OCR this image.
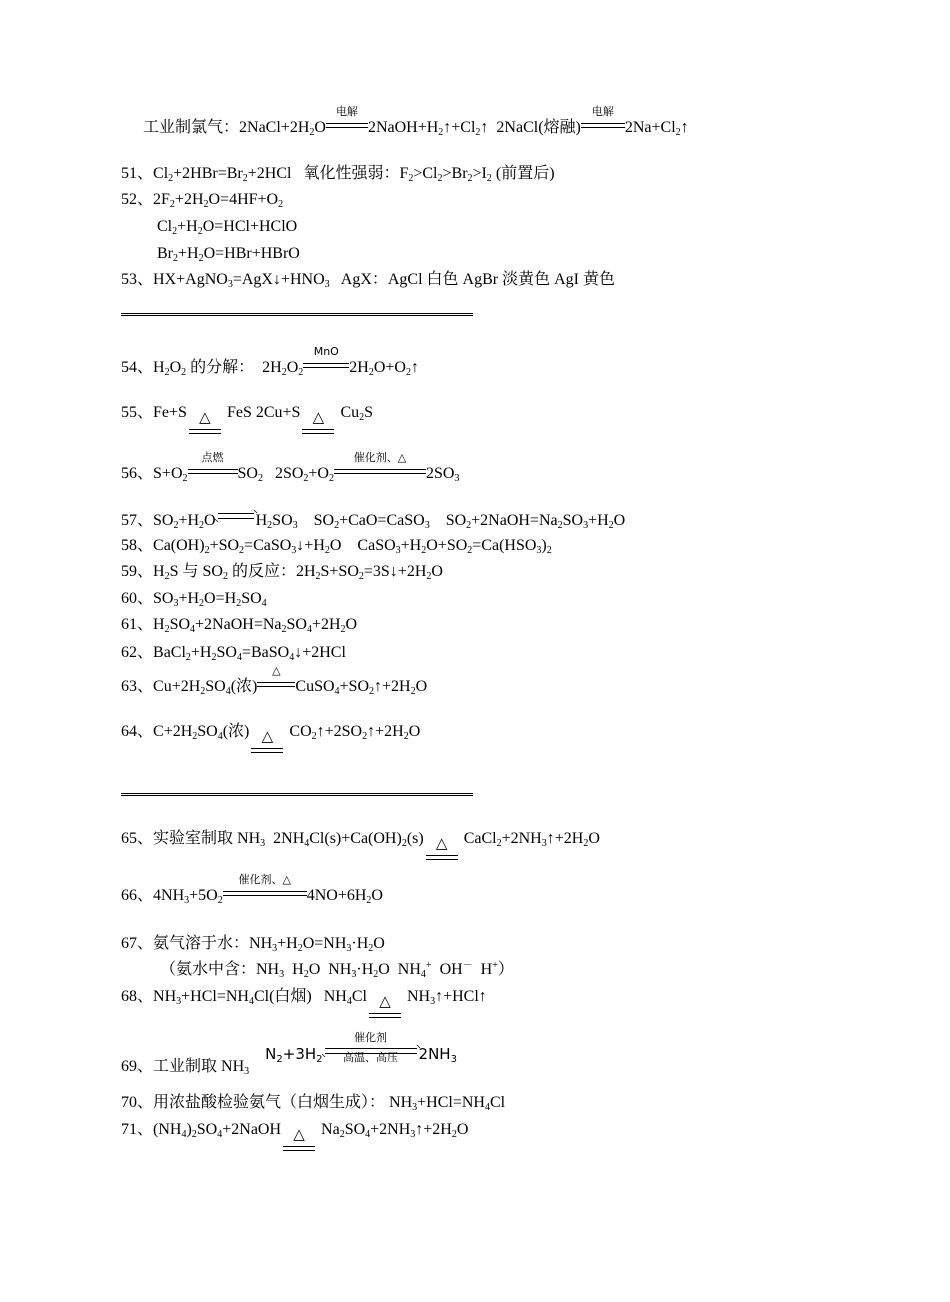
工业制氯气：$2NaCl+2H_2O$
电解
$2NaOH+H_2↑+Cl_2↑$  2NaCl(熔融)
电解
$2Na+Cl_2↑$
51、$Cl_2+2HBr=Br_2+2HCl$   氧化性强弱：$F_2>Cl_2>Br_2>I_2$ (前置后)
52、$2F_2+2H_2O=4HF+O_2$
$Cl_2+H_2O=HCl+HClO$
$Br_2+H_2O=HBr+HBrO$
53、$HX+AgNO_3=AgX↓+HNO_3$ AgX：AgCl 白色 AgBr 淡黄色 AgI 黄色
54、$H_2O_2$ 的分解：  $2H_2O_2$
MnO
$2H_2O+O_2↑$
55、Fe+S △	FeS 2Cu+S △	$Cu_2S$
56、$S+O_2$
点燃
$SO_2$   $2SO_2+O_2$
催化剂、△
$2SO_3$
57、$SO_2+H_2O$	$H_2SO_3$    $SO_2+CaO=CaSO_3$    $SO_2+2NaOH=Na_2SO_3+H_2O$
58、$Ca(OH)_2+SO_2=CaSO_3↓+H_2O$    $CaSO_3+H_2O+SO_2=Ca(HSO_3)_2$
59、$H_2S$ 与 $SO_2$ 的反应：$2H_2S+SO_2=3S↓+2H_2O$
60、$SO_3+H_2O=H_2SO_4$
61、$H_2SO_4+2NaOH=Na_2SO_4+2H_2O$
62、$BaCl_2+H_2SO_4=BaSO_4↓+2HCl$
63、$Cu+2H_2SO_4$(浓)
△
$CuSO_4+SO_2↑+2H_2O$
64、$C+2H_2SO_4$(浓) △ $CO_2↑+2SO_2↑+2H_2O$
65、实验室制取 $NH_3$  $2NH_4Cl(s)+Ca(OH)_2(s)$ △ $CaCl_2+2NH_3↑+2H_2O$
66、$4NH_3+5O_2$
催化剂、△
$4NO+6H_2O$
67、氨气溶于水：$NH_3+H_2O=NH_3\cdot H_2O$
（氨水中含：$NH_3$  $H_2O$  $NH_3\cdot H_2O$  $NH_4^+$  OH－  H+）
68、$NH_3+HCl=NH_4Cl$(白烟)   $NH_4Cl$ △ $NH_3↑+HCl↑$
69、工业制取 $NH_3$    $N_2+3H_2$
催化剂
高温、高压	$2NH_3$
70、用浓盐酸检验氨气（白烟生成）： $NH_3+HCl=NH_4Cl$
71、$(NH_4)_2SO_4+2NaOH$ △ $Na_2SO_4+2NH_3↑+2H_2O$
